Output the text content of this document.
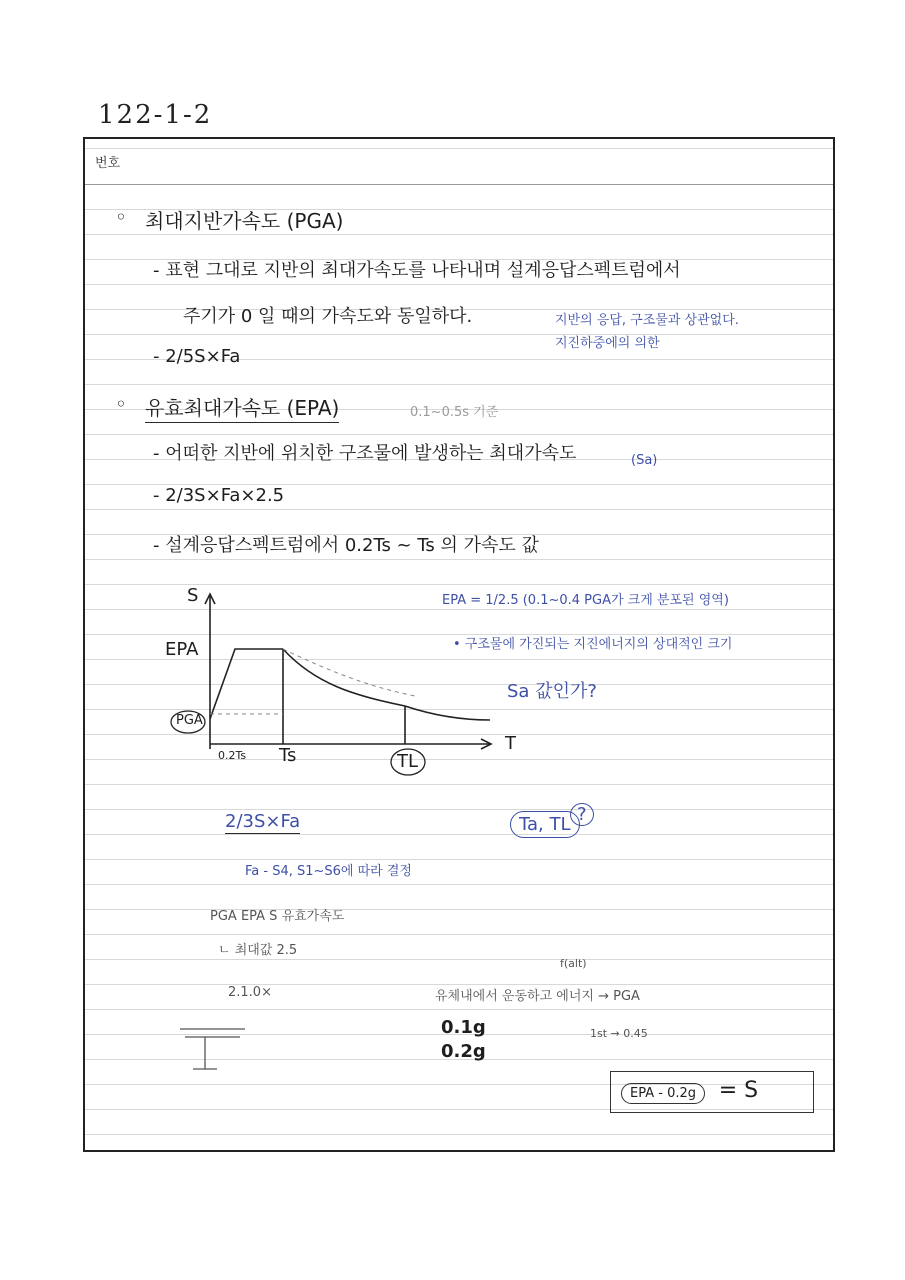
122-1-2
번호
◦ 최대지반가속도 (PGA)
- 표현 그대로 지반의 최대가속도를 나타내며 설계응답스펙트럼에서
주기가 0 일 때의 가속도와 동일하다.	지반의 응답, 구조물과 상관없다.
지진하중에의 의한
- 2/5S×Fa
◦ 유효최대가속도 (EPA)	0.1~0.5s 기준
- 어떠한 지반에 위치한 구조물에 발생하는 최대가속도	(Sa)
- 2/3S×Fa×2.5
- 설계응답스펙트럼에서 0.2Ts ~ Ts 의 가속도 값
S
EPA
PGA
T
0.2Ts Ts	TL
EPA = 1/2.5 (0.1~0.4 PGA가 크게 분포된 영역)
• 구조물에 가진되는 지진에너지의 상대적인 크기
Sa 값인가?
2/3S×Fa
Fa - S4, S1~S6에 따라 결정
Ta, TL ?
PGA EPA S 유효가속도
ㄴ 최대값 2.5
2.1.0×
f(alt)
유체내에서 운동하고 에너지 → PGA
0.1g
0.2g
1st → 0.45
EPA - 0.2g = S
